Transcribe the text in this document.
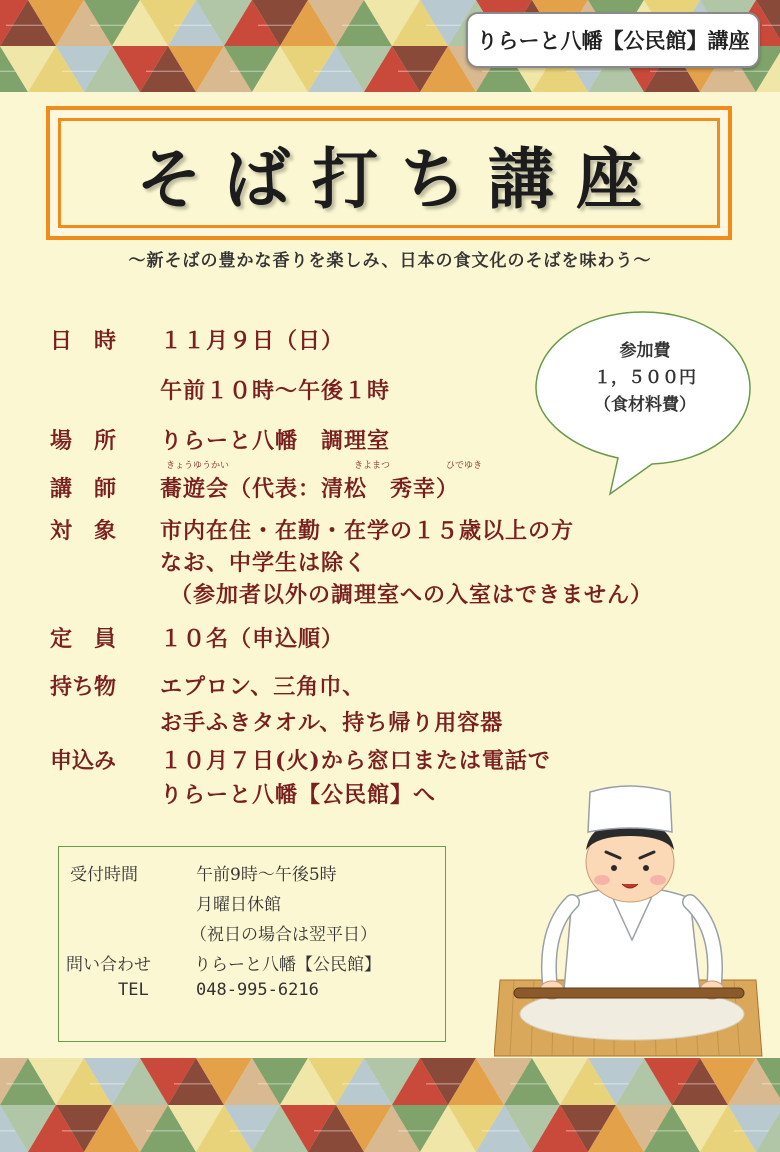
りらーと八幡【公民館】講座
そば打ち講座
～新そばの豊かな香りを楽しみ、日本の食文化のそばを味わう～
日　時	１１月９日（日）
午前１０時～午後１時
場　所	りらーと八幡　調理室
きょうゆうかい	きよまつ	ひでゆき
講　師	蕎遊会（代表：清松　秀幸）
対　象	市内在住・在勤・在学の１５歳以上の方
なお、中学生は除く
（参加者以外の調理室への入室はできません）
定　員	１０名（申込順）
持ち物	エプロン、三角巾、
お手ふきタオル、持ち帰り用容器
申込み	１０月７日(火)から窓口または電話で
りらーと八幡【公民館】へ
参加費
１，５００円
（食材料費）
受付時間	午前9時～午後5時
月曜日休館
（祝日の場合は翌平日）
問い合わせ	りらーと八幡【公民館】
TEL	048-995-6216
